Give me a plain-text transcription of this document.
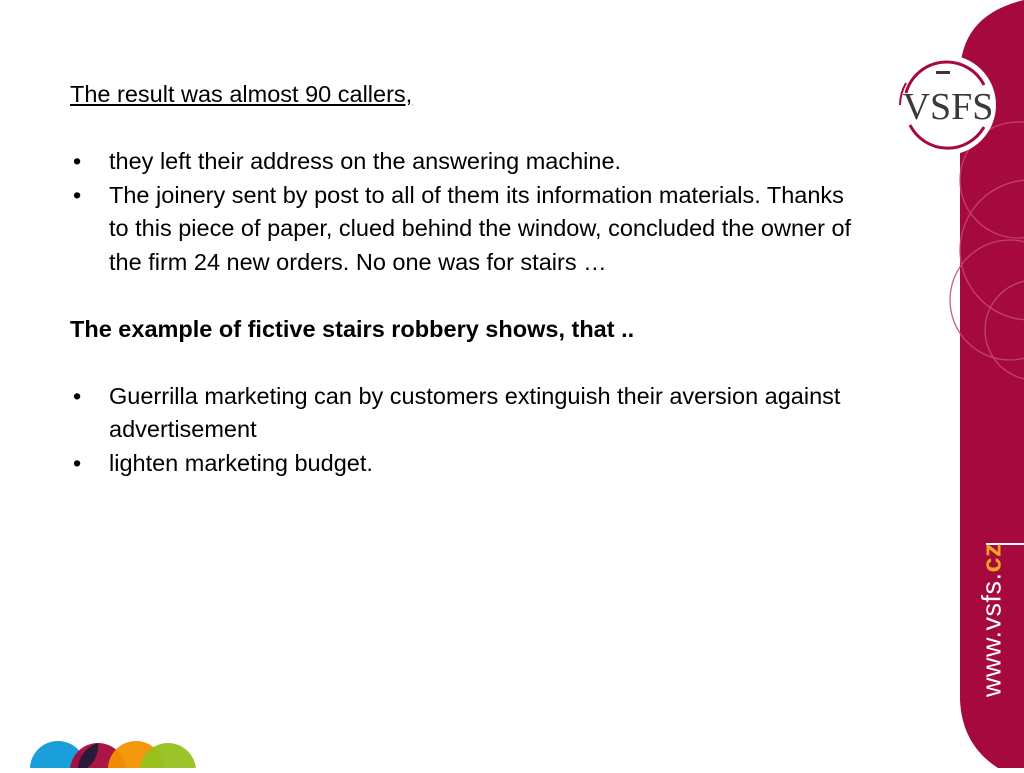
The result was almost 90 callers,
• they left their address on the answering machine.
• The joinery sent by post to all of them its information materials. Thanks to this piece of paper, clued behind the window, concluded the owner of the firm 24 new orders. No one was for stairs …
The example of fictive stairs robbery shows, that ..
• Guerrilla marketing can by customers extinguish their aversion against advertisement
• lighten marketing budget.
VSFS
www.vsfs.cz
